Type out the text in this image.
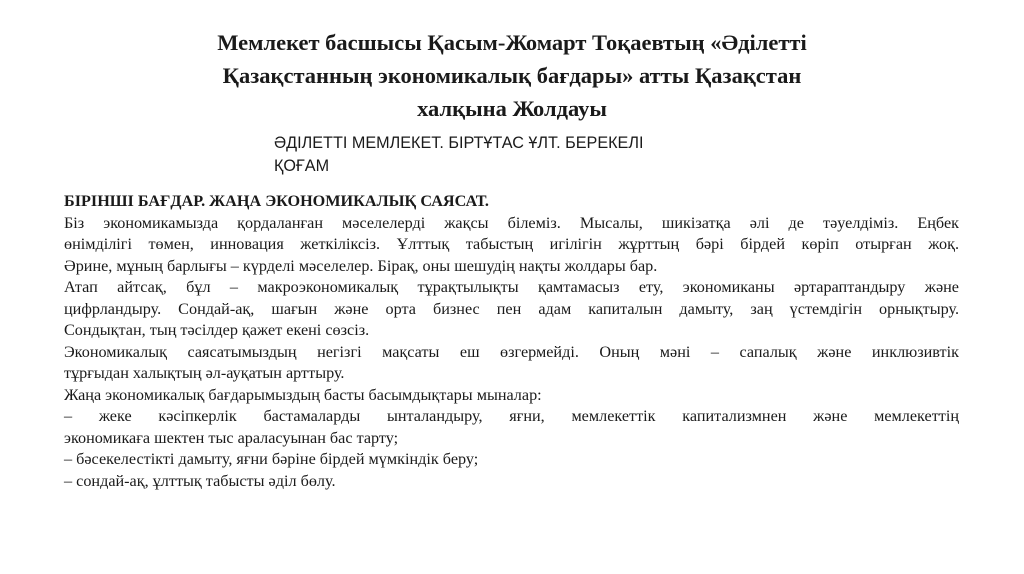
Мемлекет басшысы Қасым-Жомарт Тоқаевтың «Әділетті
Қазақстанның экономикалық бағдары» атты Қазақстан
халқына Жолдауы
ӘДІЛЕТТІ МЕМЛЕКЕТ. БІРТҰТАС ҰЛТ. БЕРЕКЕЛІ
ҚОҒАМ
БІРІНШІ БАҒДАР. ЖАҢА ЭКОНОМИКАЛЫҚ САЯСАТ.
Біз экономикамызда қордаланған мәселелерді жақсы білеміз. Мысалы, шикізатқа әлі де тәуелдіміз. Еңбек
өнімділігі төмен, инновация жеткіліксіз. Ұлттық табыстың игілігін жұрттың бәрі бірдей көріп отырған жоқ.
Әрине, мұның барлығы – күрделі мәселелер. Бірақ, оны шешудің нақты жолдары бар.
Атап айтсақ, бұл – макроэкономикалық тұрақтылықты қамтамасыз ету, экономиканы әртараптандыру және
цифрландыру. Сондай-ақ, шағын және орта бизнес пен адам капиталын дамыту, заң үстемдігін орнықтыру.
Сондықтан, тың тәсілдер қажет екені сөзсіз.
Экономикалық саясатымыздың негізгі мақсаты еш өзгермейді. Оның мәні – сапалық және инклюзивтік
тұрғыдан халықтың әл-ауқатын арттыру.
Жаңа экономикалық бағдарымыздың басты басымдықтары мыналар:
– жеке кәсіпкерлік бастамаларды ынталандыру, яғни, мемлекеттік капитализмнен және мемлекеттің
экономикаға шектен тыс араласуынан бас тарту;
– бәсекелестікті дамыту, яғни бәріне бірдей мүмкіндік беру;
– сондай-ақ, ұлттық табысты әділ бөлу.
